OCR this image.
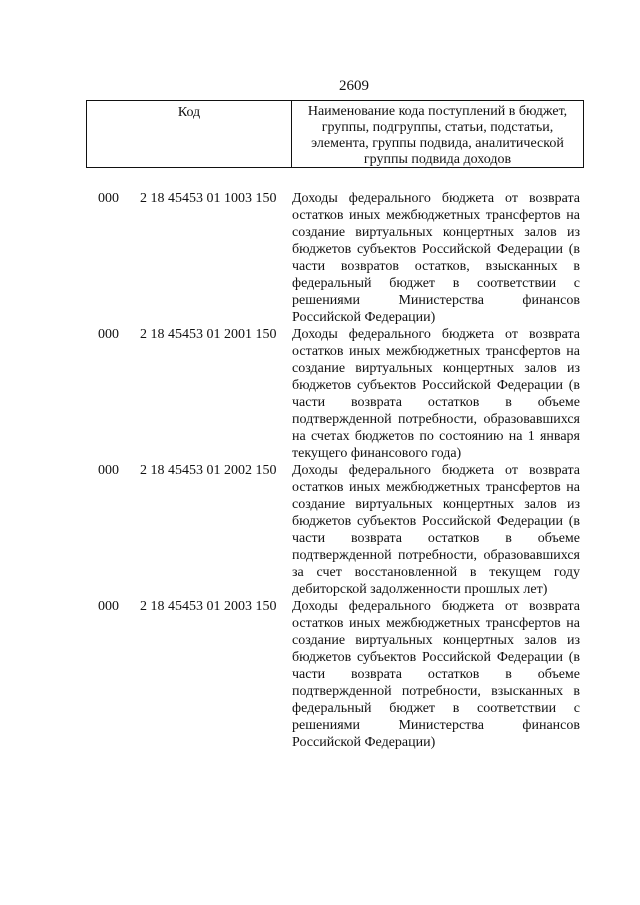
2609
Код	Наименование кода поступлений в бюджет, группы, подгруппы, статьи, подстатьи, элемента, группы подвида, аналитической группы подвида доходов
000	2 18 45453 01 1003 150	Доходы федерального бюджета от возврата остатков иных межбюджетных трансфертов на создание виртуальных концертных залов из бюджетов субъектов Российской Федерации (в части возвратов остатков, взысканных в федеральный бюджет в соответствии с решениями Министерства финансов Российской Федерации)
000	2 18 45453 01 2001 150	Доходы федерального бюджета от возврата остатков иных межбюджетных трансфертов на создание виртуальных концертных залов из бюджетов субъектов Российской Федерации (в части возврата остатков в объеме подтвержденной потребности, образовавшихся на счетах бюджетов по состоянию на 1 января текущего финансового года)
000	2 18 45453 01 2002 150	Доходы федерального бюджета от возврата остатков иных межбюджетных трансфертов на создание виртуальных концертных залов из бюджетов субъектов Российской Федерации (в части возврата остатков в объеме подтвержденной потребности, образовавшихся за счет восстановленной в текущем году дебиторской задолженности прошлых лет)
000	2 18 45453 01 2003 150	Доходы федерального бюджета от возврата остатков иных межбюджетных трансфертов на создание виртуальных концертных залов из бюджетов субъектов Российской Федерации (в части возврата остатков в объеме подтвержденной потребности, взысканных в федеральный бюджет в соответствии с решениями Министерства финансов Российской Федерации)
